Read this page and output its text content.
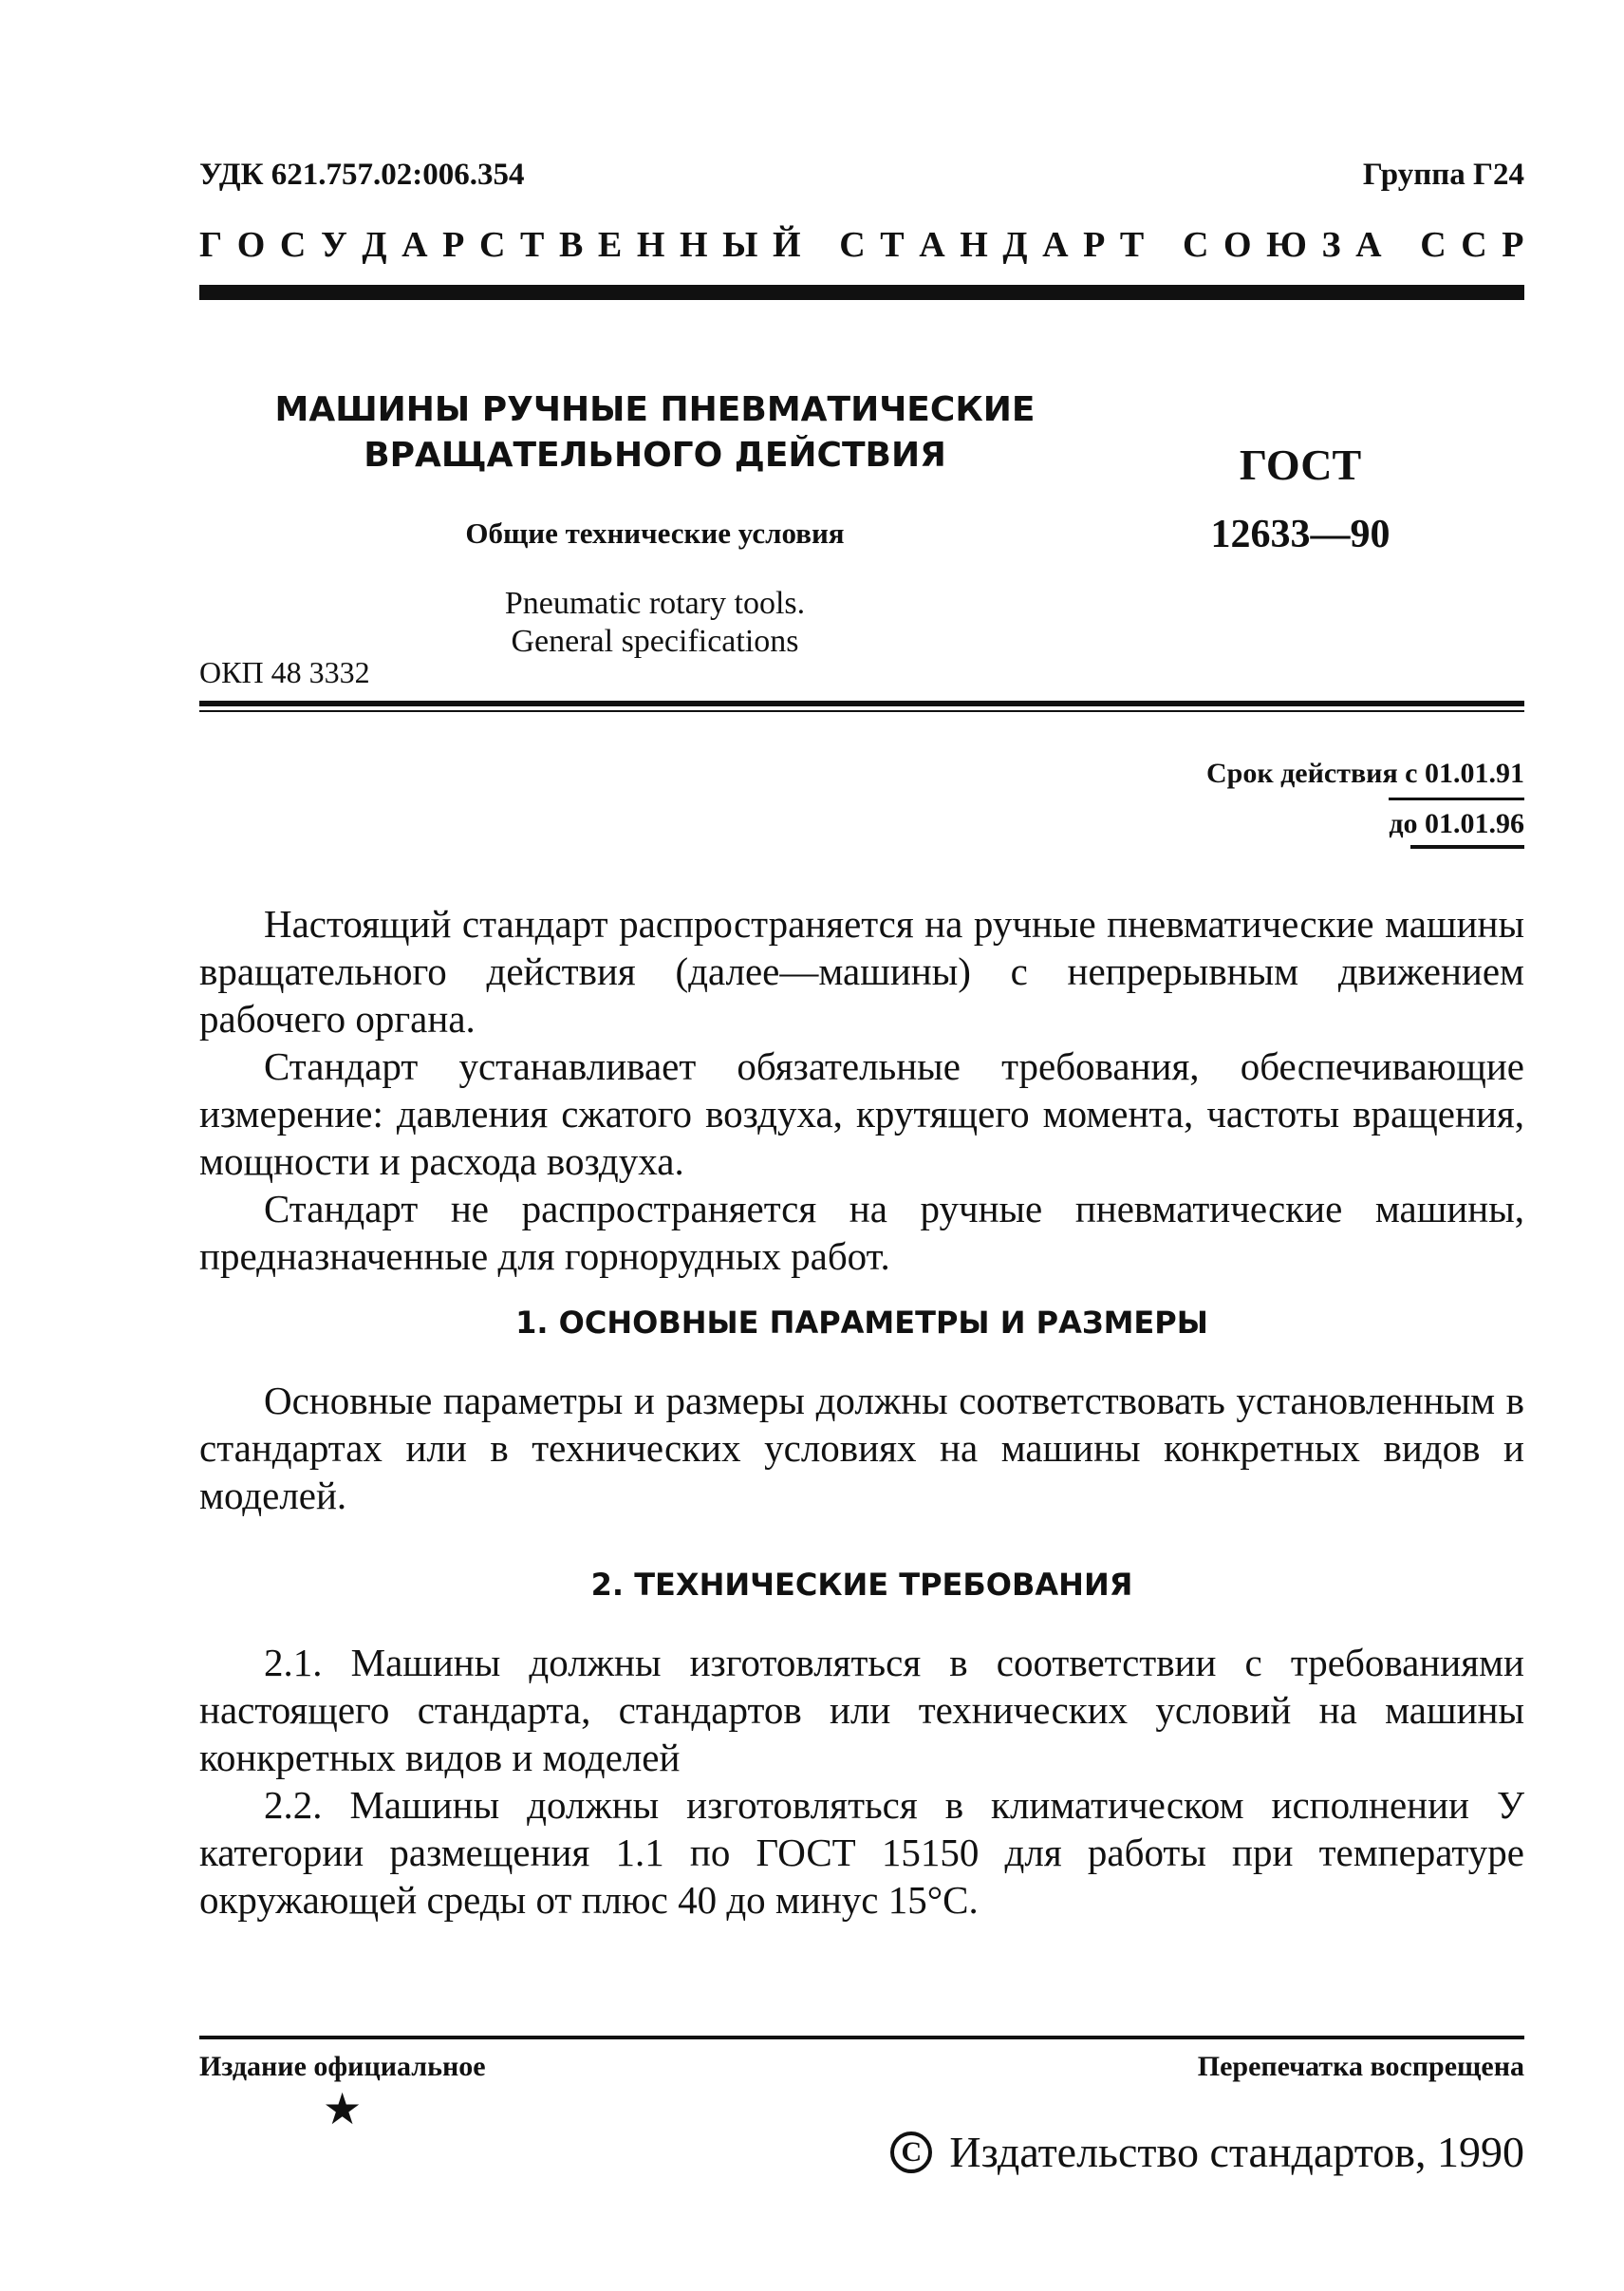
УДК 621.757.02:006.354	Группа Г24
Г О С У Д А Р С Т В Е Н Н Ы Й
С Т А Н Д А Р Т
С О Ю З А
С С Р
МАШИНЫ РУЧНЫЕ ПНЕВМАТИЧЕСКИЕ
ВРАЩАТЕЛЬНОГО ДЕЙСТВИЯ
Общие технические условия
Pneumatic rotary tools.
General specifications
ГОСТ
12633—90
ОКП 48 3332
Срок действия с 01.01.91
до 01.01.96
Настоящий стандарт распространяется на ручные пневматические машины вращательного действия (далее—машины) с непрерывным движением рабочего органа.
Стандарт устанавливает обязательные требования, обеспечивающие измерение: давления сжатого воздуха, крутящего момента, частоты вращения, мощности и расхода воздуха.
Стандарт не распространяется на ручные пневматические машины, предназначенные для горнорудных работ.
1. ОСНОВНЫЕ ПАРАМЕТРЫ И РАЗМЕРЫ
Основные параметры и размеры должны соответствовать установленным в стандартах или в технических условиях на машины конкретных видов и моделей.
2. ТЕХНИЧЕСКИЕ ТРЕБОВАНИЯ
2.1. Машины должны изготовляться в соответствии с требованиями настоящего стандарта, стандартов или технических условий на машины конкретных видов и моделей
2.2. Машины должны изготовляться в климатическом исполнении У категории размещения 1.1 по ГОСТ 15150 для работы при температуре окружающей среды от плюс 40 до минус 15°С.
Издание официальное	Перепечатка воспрещена
★
C Издательство стандартов, 1990
